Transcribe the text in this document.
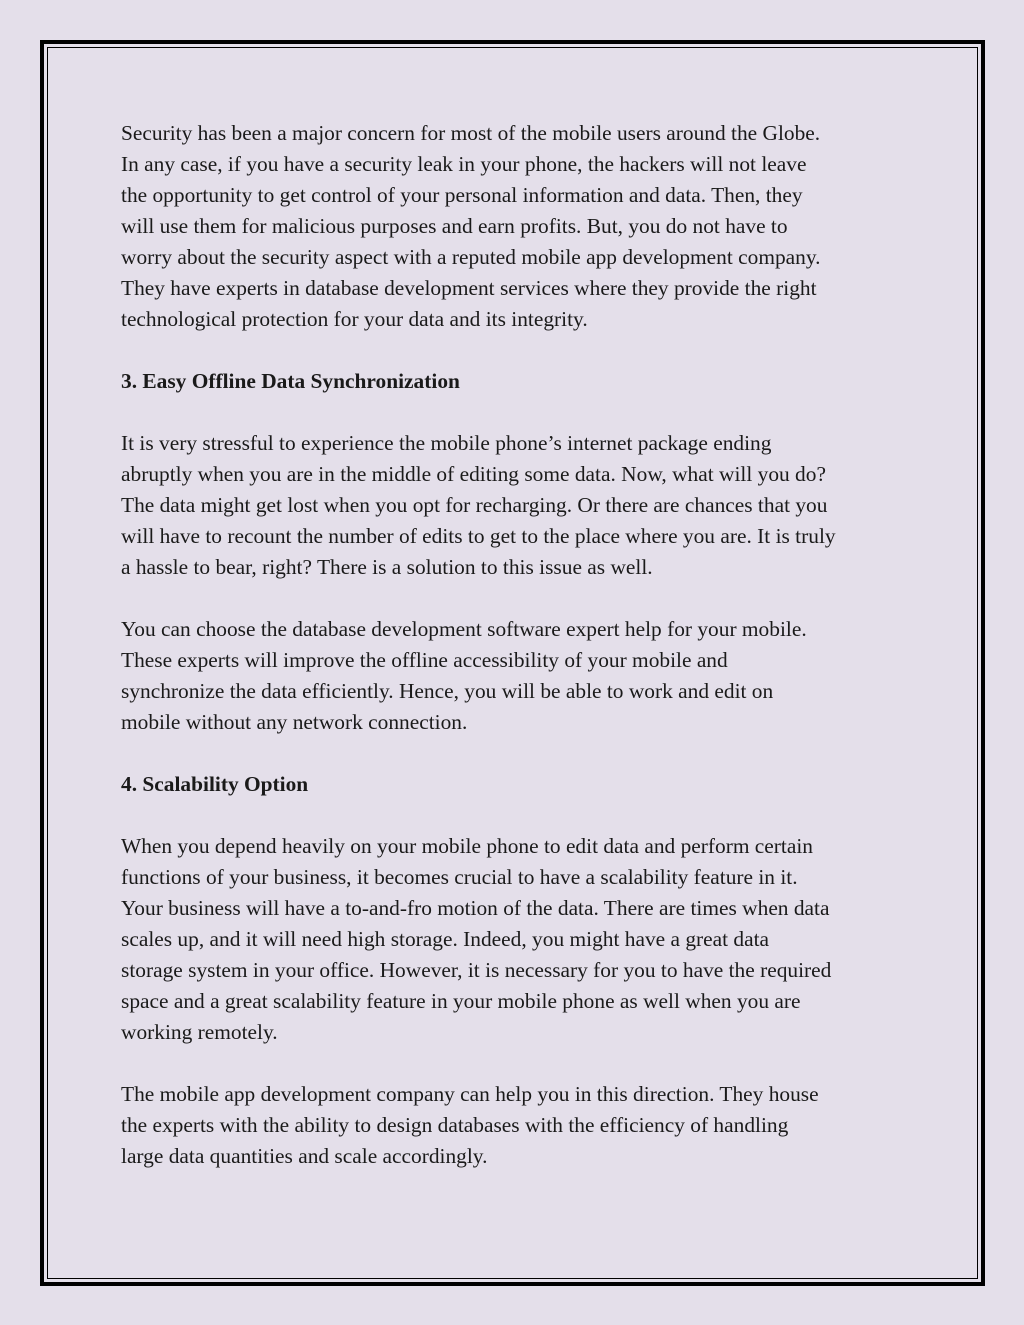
Security has been a major concern for most of the mobile users around the Globe.
In any case, if you have a security leak in your phone, the hackers will not leave
the opportunity to get control of your personal information and data. Then, they
will use them for malicious purposes and earn profits. But, you do not have to
worry about the security aspect with a reputed mobile app development company.
They have experts in database development services where they provide the right
technological protection for your data and its integrity.

3. Easy Offline Data Synchronization

It is very stressful to experience the mobile phone’s internet package ending
abruptly when you are in the middle of editing some data. Now, what will you do?
The data might get lost when you opt for recharging. Or there are chances that you
will have to recount the number of edits to get to the place where you are. It is truly
a hassle to bear, right? There is a solution to this issue as well.

You can choose the database development software expert help for your mobile.
These experts will improve the offline accessibility of your mobile and
synchronize the data efficiently. Hence, you will be able to work and edit on
mobile without any network connection.

4. Scalability Option

When you depend heavily on your mobile phone to edit data and perform certain
functions of your business, it becomes crucial to have a scalability feature in it.
Your business will have a to-and-fro motion of the data. There are times when data
scales up, and it will need high storage. Indeed, you might have a great data
storage system in your office. However, it is necessary for you to have the required
space and a great scalability feature in your mobile phone as well when you are
working remotely.

The mobile app development company can help you in this direction. They house
the experts with the ability to design databases with the efficiency of handling
large data quantities and scale accordingly.
